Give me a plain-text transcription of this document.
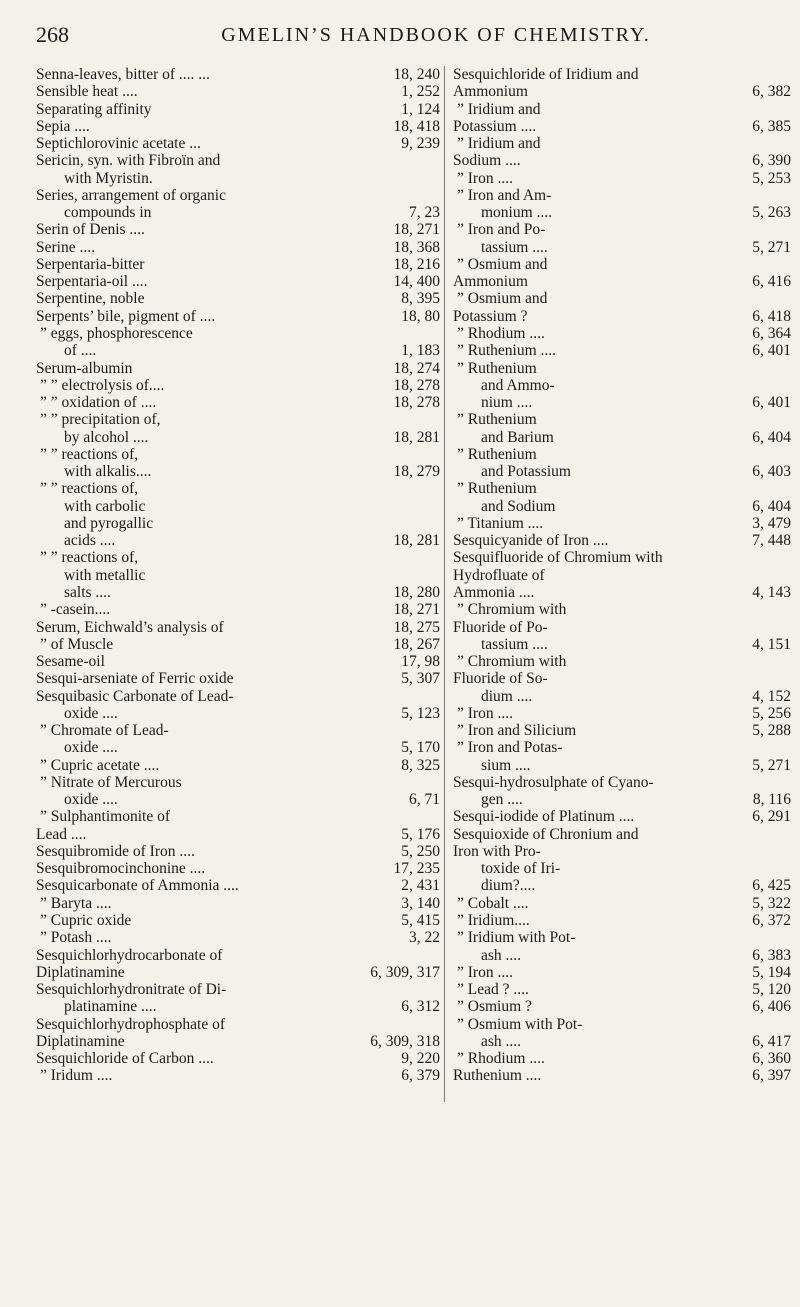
268	GMELIN’S HANDBOOK OF CHEMISTRY.
Senna-leaves, bitter of .... ...	18, 240
Sensible heat ....	1, 252
Separating affinity	1, 124
Sepia ....	18, 418
Septichlorovinic acetate ...	9, 239
Sericin, syn. with Fibroïn and
with Myristin.
Series, arrangement of organic
compounds in	7, 23
Serin of Denis ....	18, 271
Serine ....	18, 368
Serpentaria-bitter	18, 216
Serpentaria-oil ....	14, 400
Serpentine, noble	8, 395
Serpents’ bile, pigment of ....	18, 80
” eggs, phosphorescence
of ....	1, 183
Serum-albumin	18, 274
” ” electrolysis of....	18, 278
” ” oxidation of ....	18, 278
” ” precipitation of,
by alcohol ....	18, 281
” ” reactions of,
with alkalis....	18, 279
” ” reactions of,
with carbolic
and pyrogallic
acids ....	18, 281
” ” reactions of,
with metallic
salts ....	18, 280
” -casein....	18, 271
Serum, Eichwald’s analysis of	18, 275
” of Muscle	18, 267
Sesame-oil	17, 98
Sesqui-arseniate of Ferric oxide	5, 307
Sesquibasic Carbonate of Lead-
oxide ....	5, 123
” Chromate of Lead-
oxide ....	5, 170
” Cupric acetate ....	8, 325
” Nitrate of Mercurous
oxide ....	6, 71
” Sulphantimonite of
Lead ....	5, 176
Sesquibromide of Iron ....	5, 250
Sesquibromocinchonine ....	17, 235
Sesquicarbonate of Ammonia ....	2, 431
” Baryta ....	3, 140
” Cupric oxide	5, 415
” Potash ....	3, 22
Sesquichlorhydrocarbonate of
Diplatinamine	6, 309, 317
Sesquichlorhydronitrate of Di-
platinamine ....	6, 312
Sesquichlorhydrophosphate of
Diplatinamine	6, 309, 318
Sesquichloride of Carbon ....	9, 220
” Iridum ....	6, 379
Sesquichloride of Iridium and
Ammonium	6, 382
” Iridium and
Potassium ....	6, 385
” Iridium and
Sodium ....	6, 390
” Iron ....	5, 253
” Iron and Am-
monium ....	5, 263
” Iron and Po-
tassium ....	5, 271
” Osmium and
Ammonium	6, 416
” Osmium and
Potassium ?	6, 418
” Rhodium ....	6, 364
” Ruthenium ....	6, 401
” Ruthenium
and Ammo-
nium ....	6, 401
” Ruthenium
and Barium	6, 404
” Ruthenium
and Potassium	6, 403
” Ruthenium
and Sodium	6, 404
” Titanium ....	3, 479
Sesquicyanide of Iron ....	7, 448
Sesquifluoride of Chromium with
Hydrofluate of
Ammonia ....	4, 143
” Chromium with
Fluoride of Po-
tassium ....	4, 151
” Chromium with
Fluoride of So-
dium ....	4, 152
” Iron ....	5, 256
” Iron and Silicium	5, 288
” Iron and Potas-
sium ....	5, 271
Sesqui-hydrosulphate of Cyano-
gen ....	8, 116
Sesqui-iodide of Platinum ....	6, 291
Sesquioxide of Chronium and
Iron with Pro-
toxide of Iri-
dium?....	6, 425
” Cobalt ....	5, 322
” Iridium....	6, 372
” Iridium with Pot-
ash ....	6, 383
” Iron ....	5, 194
” Lead ? ....	5, 120
” Osmium ?	6, 406
” Osmium with Pot-
ash ....	6, 417
” Rhodium ....	6, 360
Ruthenium ....	6, 397
